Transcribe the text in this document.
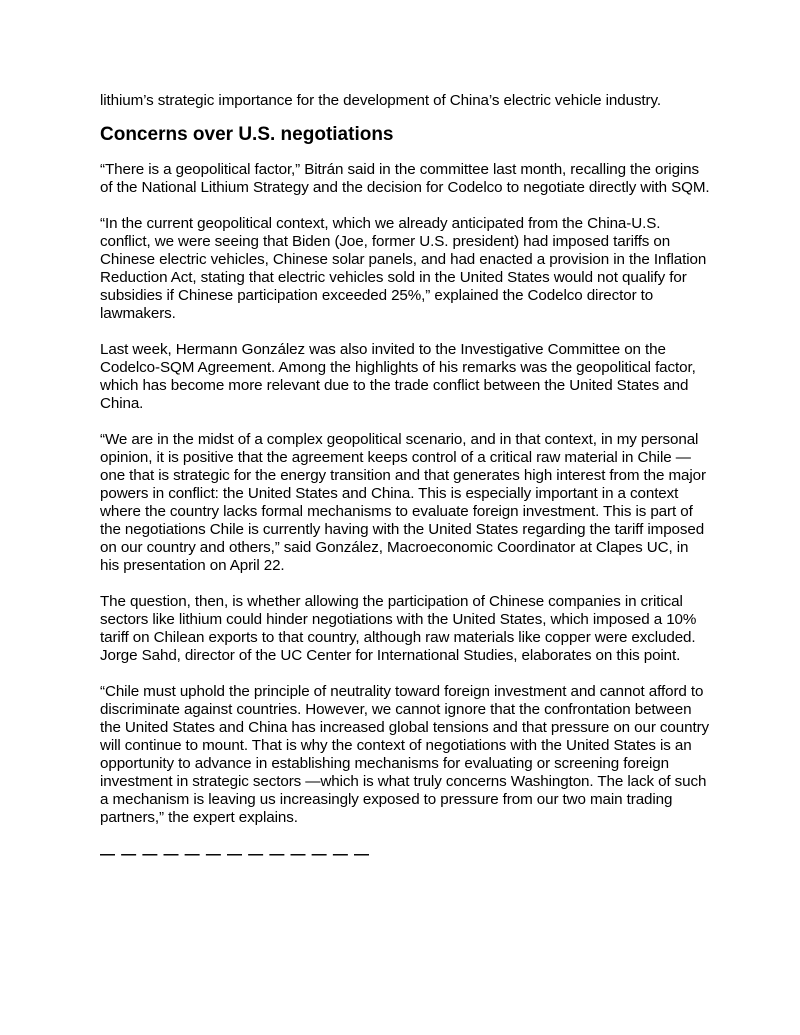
lithium’s strategic importance for the development of China’s electric vehicle industry.

Concerns over U.S. negotiations

“There is a geopolitical factor,” Bitrán said in the committee last month, recalling the origins of the National Lithium Strategy and the decision for Codelco to negotiate directly with SQM.

“In the current geopolitical context, which we already anticipated from the China-U.S. conflict, we were seeing that Biden (Joe, former U.S. president) had imposed tariffs on Chinese electric vehicles, Chinese solar panels, and had enacted a provision in the Inflation Reduction Act, stating that electric vehicles sold in the United States would not qualify for subsidies if Chinese participation exceeded 25%,” explained the Codelco director to lawmakers.

Last week, Hermann González was also invited to the Investigative Committee on the Codelco-SQM Agreement. Among the highlights of his remarks was the geopolitical factor, which has become more relevant due to the trade conflict between the United States and China.

“We are in the midst of a complex geopolitical scenario, and in that context, in my personal opinion, it is positive that the agreement keeps control of a critical raw material in Chile —one that is strategic for the energy transition and that generates high interest from the major powers in conflict: the United States and China. This is especially important in a context where the country lacks formal mechanisms to evaluate foreign investment. This is part of the negotiations Chile is currently having with the United States regarding the tariff imposed on our country and others,” said González, Macroeconomic Coordinator at Clapes UC, in his presentation on April 22.

The question, then, is whether allowing the participation of Chinese companies in critical sectors like lithium could hinder negotiations with the United States, which imposed a 10% tariff on Chilean exports to that country, although raw materials like copper were excluded. Jorge Sahd, director of the UC Center for International Studies, elaborates on this point.

“Chile must uphold the principle of neutrality toward foreign investment and cannot afford to discriminate against countries. However, we cannot ignore that the confrontation between the United States and China has increased global tensions and that pressure on our country will continue to mount. That is why the context of negotiations with the United States is an opportunity to advance in establishing mechanisms for evaluating or screening foreign investment in strategic sectors —which is what truly concerns Washington. The lack of such a mechanism is leaving us increasingly exposed to pressure from our two main trading partners,” the expert explains.

— — — — — — — — — — — — —
